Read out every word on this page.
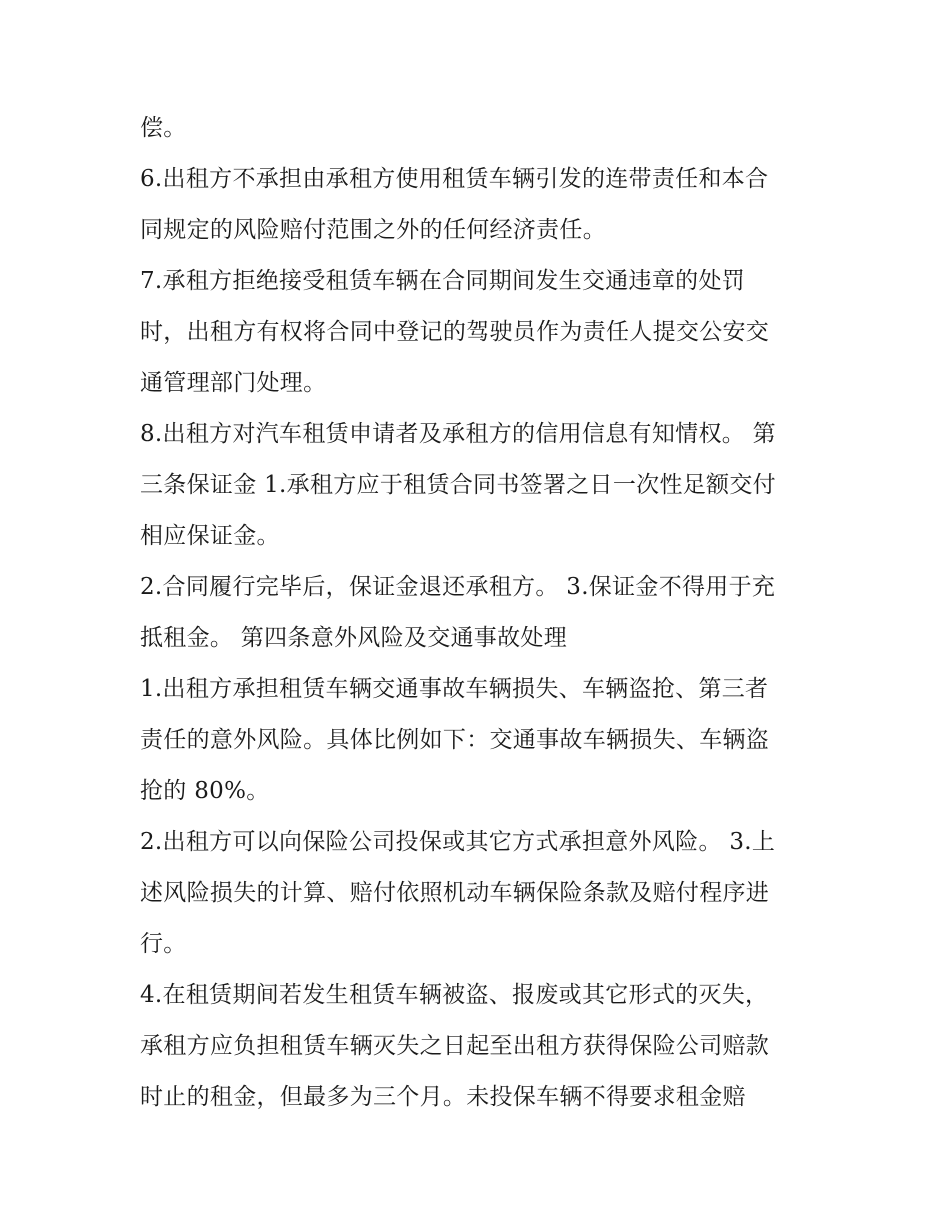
偿。
6.出租方不承担由承租方使用租赁车辆引发的连带责任和本合
同规定的风险赔付范围之外的任何经济责任。
7.承租方拒绝接受租赁车辆在合同期间发生交通违章的处罚
时，出租方有权将合同中登记的驾驶员作为责任人提交公安交
通管理部门处理。
8.出租方对汽车租赁申请者及承租方的信用信息有知情权。 第
三条保证金 1.承租方应于租赁合同书签署之日一次性足额交付
相应保证金。
2.合同履行完毕后，保证金退还承租方。 3.保证金不得用于充
抵租金。 第四条意外风险及交通事故处理
1.出租方承担租赁车辆交通事故车辆损失、车辆盗抢、第三者
责任的意外风险。具体比例如下：交通事故车辆损失、车辆盗
抢的 80%。
2.出租方可以向保险公司投保或其它方式承担意外风险。 3.上
述风险损失的计算、赔付依照机动车辆保险条款及赔付程序进
行。
4.在租赁期间若发生租赁车辆被盗、报废或其它形式的灭失，
承租方应负担租赁车辆灭失之日起至出租方获得保险公司赔款
时止的租金，但最多为三个月。未投保车辆不得要求租金赔
